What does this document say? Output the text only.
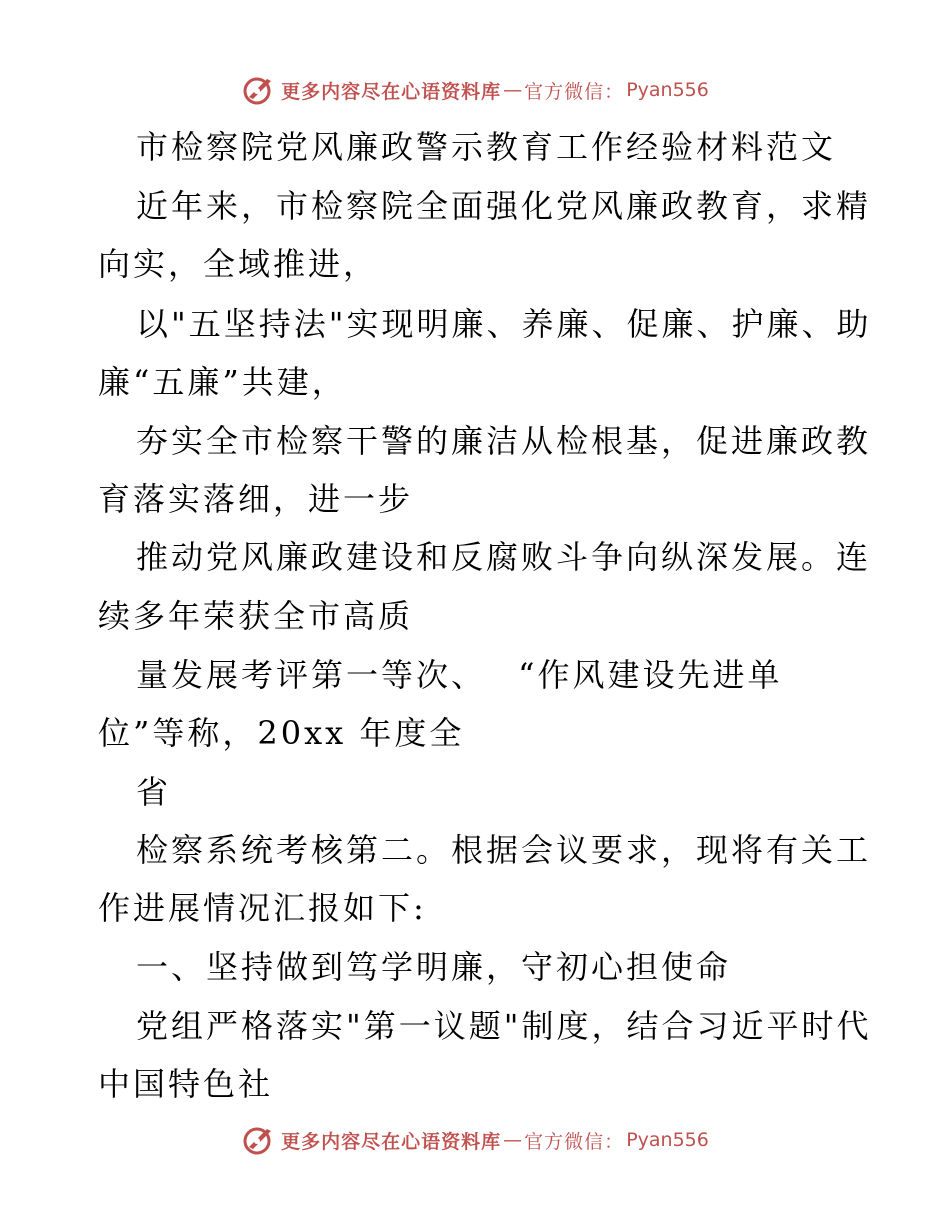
更多内容尽在心语资料库 — 官方微信： Pyan556
市检察院党风廉政警示教育工作经验材料范文
近年来，市检察院全面强化党风廉政教育，求精
向实，全域推进，
以"五坚持法"实现明廉、养廉、促廉、护廉、助
廉“五廉”共建，
夯实全市检察干警的廉洁从检根基，促进廉政教
育落实落细，进一步
推动党风廉政建设和反腐败斗争向纵深发展。连
续多年荣获全市高质
量发展考评第一等次、　 “作风建设先进单
位”等称，20xx 年度全
省
检察系统考核第二。根据会议要求，现将有关工
作进展情况汇报如下:
一、坚持做到笃学明廉，守初心担使命
党组严格落实"第一议题"制度，结合习近平时代
中国特色社
更多内容尽在心语资料库 — 官方微信： Pyan556
